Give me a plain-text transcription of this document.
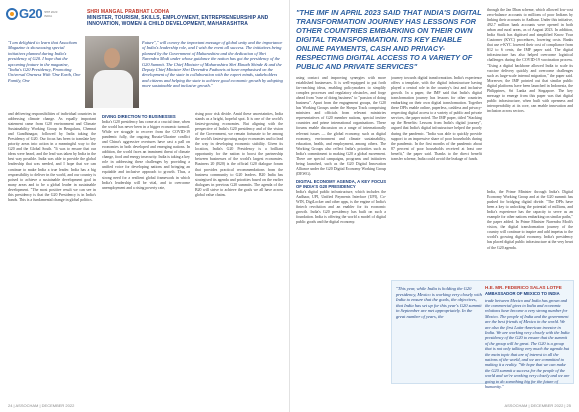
G20 भारत 2023 INDIA
SHRI MANGAL PRABHAT LODHA
MINISTER, TOURISM, SKILLS, EMPLOYMENT, ENTREPRENEURSHIP AND INNOVATION, WOMEN & CHILD DEVELOPMENT, MAHARASHTRA
"I am delighted to learn that Assocham Magazine is showcasing special initiatives planned during India's presidency of G20. I hope that the upcoming feature in the magazine, "India's G20 Presidency, Promoting Universal Oneness With 'One Earth, One Family, One
Future"," will convey the important message of global unity and the importance of India's leadership role, and I wish the event all success. The initiatives being planned by the Government of Maharashtra and the dedication of Shri Narendra Modi under whose guidance the nation has got the presidency of the G20 Summit. The Chief Minister of Maharashtra Shri Eknath Shinde & and the Deputy Chief Minister Shri Devendra Fadnavis at have emphasised on the development of the state in collaboration with the expert minds, stakeholders and citizens and helping the state to achieve good economic growth by adopting more sustainable and inclusive growth."

and delivering responsibilities of individual countries in addressing climate change. As equally important statement came from G20 environment and Climate Sustainability Working Group in Bengaluru, Chennai and Gandhinagar, followed by India taking the Presidency of G20. Our focus has been to translate key priority areas into action in a meaningful way to the G20 and the Global South. "It was to ensure that our ideas were heard, and the lead was taken by India in the best way possible. India was able to provide the global leadership that was needed, and I hope that we can continue to make India a true leader. India has a big responsibility to deliver in the world, and our country is poised to achieve a sustainable development goal in many areas and to be a global leader in sustainable development. "The most positive result we can see in this presidency is that the G20 Presidency is in India's hands. This is a fundamental change in global politics.

DIVING DIRECTION TO BUSINESSES

India's G20 presidency has come at a crucial time, when the world has never been in a bigger economic turmoil. While we struggle to recover from the COVID-19 pandemic fully, the ongoing Russia-Ukraine conflict and China's aggressive overtures have cast a pall on economies in both developed and emerging nations. In addition, the world faces an imminent threat of climate change, food and energy insecurity. India is taking a key role in addressing these challenges by providing a unified voice for developing nations and bringing an equitable and inclusive approach to growth. Thus, a strong need for a resilient global framework in which India's leadership will be vital, and to overcome unemployment and a rising poverty rate,

rising poor risk divide. Amid these uncertainties, India stands as a bright, hopeful spot. It is one of the world's fastest-growing economies. But aligning with the perspective of India's G20 presidency and of the vision of the Government, we remain fortunate to be among the world's fastest-growing major economies and to lead the way in developing economic stability. Given its location, India's G20 Presidency is a brilliant opportunity for the nation to boost the partnership between businesses of the world's largest economies. Business 20 (B20) is the official G20 dialogue forum that provides practical recommendations from the business community to G20 leaders. B20 India has strategised its agenda and priorities based on the earlier dialogues in previous G20 summits. The agenda of the B20 will strive to achieve the goals we all have across global value chains.

24 | ASSOCHAM | DECEMBER 2022
"THE IMF IN APRIL 2023 SAID THAT INDIA'S DIGITAL TRANSFORMATION JOURNEY HAS LESSONS FOR OTHER COUNTRIES EMBARKING ON THEIR OWN DIGITAL TRANSFORMATION. ITS KEY ENABLE ONLINE PAYMENTS, CASH AND PRIVACY-RESPECTING DIGITAL ACCESS TO A VARIETY OF PUBLIC AND PRIVATE SERVICES"

through the Jan Dhan scheme, which allowed low-cost zero-balance accounts to millions of poor Indians by linking their accounts to Aadhaar. Under this initiative, 492.7 million bank accounts were opened in both urban and rural areas, as of August 2023. In addition, India Stack has digitised and simplified Know Your Customer (KYC) procedures, lowering costs. Banks that use e-KYC lowered their cost of compliance from $12 to 6 cents, the IMF paper said. The digital infrastructure has also helped overcome logistical challenges during the COVID-19 vaccination process. "Using a digital backbone allowed India to scale its vaccine delivery quickly and overcome challenges such as large-scale internal migration," the paper said. Moreover, the IMF pointed out that similar public digital platforms have been launched in Indonesia, the Philippines, Sri Lanka and Singapore. The key message to emerge from this paper was that digital public infrastructure, when built with openness and interoperability at its core, can enable innovation and inclusion across sectors.

using contact and improving synergies with more established businesses. It is well-equipped to put forth far-reaching ideas, enabling policymakers to simplify complex processes and regulatory obstacles, and forge ahead from "ease of doing business" to "passion of doing business". Apart from the engagement groups, the G20 has Working Groups under the Sherpa Track comprising ministers and officials from relevant ministries representatives of G20 member nations, special invitee countries and prime international organisations. These forums enable discussion on a range of internationally relevant issues — the global economy, such as digital economy, environment and climate sustainability, education, health, and employment, among others. The Working Groups also reflect India's priorities such as India's commitment to making G20 a global movement. There are special campaigns, programs and initiatives being launched, such as the G20 Digital Innovation Alliance under the G20 Digital Economy Working Group (DEWG).

DIGITAL ECONOMY AGENDA, A KEY FOCUS OF INDIA'S G20 PRESIDENCY

India's digital public infrastructure, which includes the Aadhaar, UPI, Unified Payments Interface (UPI), Co-WIN, DigiLocker and other apps, is the engine of India's fintech revolution and an enabler for its economic growth. India's G20 presidency has built on such a foundation. India is offering the world a model of digital public goods and the digital economy.

journey towards digital transformation. India's experience offers a template, with the digital infrastructure having played a central role in the country's fast and inclusive growth. In a paper, the IMF said that India's digital transformation journey has lessons for other countries embarking on their own digital transformation. Together these DPIs enable online, paperless, cashless and privacy-respecting digital access to a variety of public and private services, the paper noted. The IMF paper, titled "Stacking up the Benefits: Lessons from India's digital journey", argued that India's digital infrastructure helped the poorly during the pandemic. "India was able to quickly provide support to an impressive share of poor households during the pandemic. In the first months of the pandemic about 87 percent of poor households received at least one benefit," the paper said. Thanks to the direct benefit transfer scheme, India could avoid the leakage of funds.

India, the Prime Minister through India's Digital Economy Working Group and at the G20 summit has pushed for bridging digital divide. "The DPIs have been a key to unlocking the potential of millions, and India's experience has the capacity to serve as an example for other nations embarking on similar paths," the paper added. In Prime Minister Narendra Modi's vision, the digital transformation journey of the country will continue to inspire and add impetus to the world's growing digital economy. India's presidency has placed digital public infrastructure at the very heart of the G20 agenda.

"This year, while India is holding the G20 presidency, Mexico is working very closely with India to ensure that the goals, the objectives, that India has set up for this year's G20 summit in September are met appropriately. In the great number of years, the
H.E. MR. FEDERICO SALAS LOTFE
AMBASSADOR OF MEXICO TO INDIA
trade between Mexico and India has grown and the commercial gives to India and economic relations have become a very strong number for Mexico. The people of India and the government are the best friends of Mexico in the world. We are also the first Latin-American investor in India. We are working very closely with the India presidency of the G20 to ensure that the summit of the group will be great. The G20 is a group that is not only talking very much the agenda but the main topic that are of interest to all the nations of the world, and we are committed to making it a reality. "We hope that we can make the G20 summit a success for the people of the world and we're working very closely and we are going to do something big for the future of humanity."
ASSOCHAM | DECEMBER 2022 | 25
